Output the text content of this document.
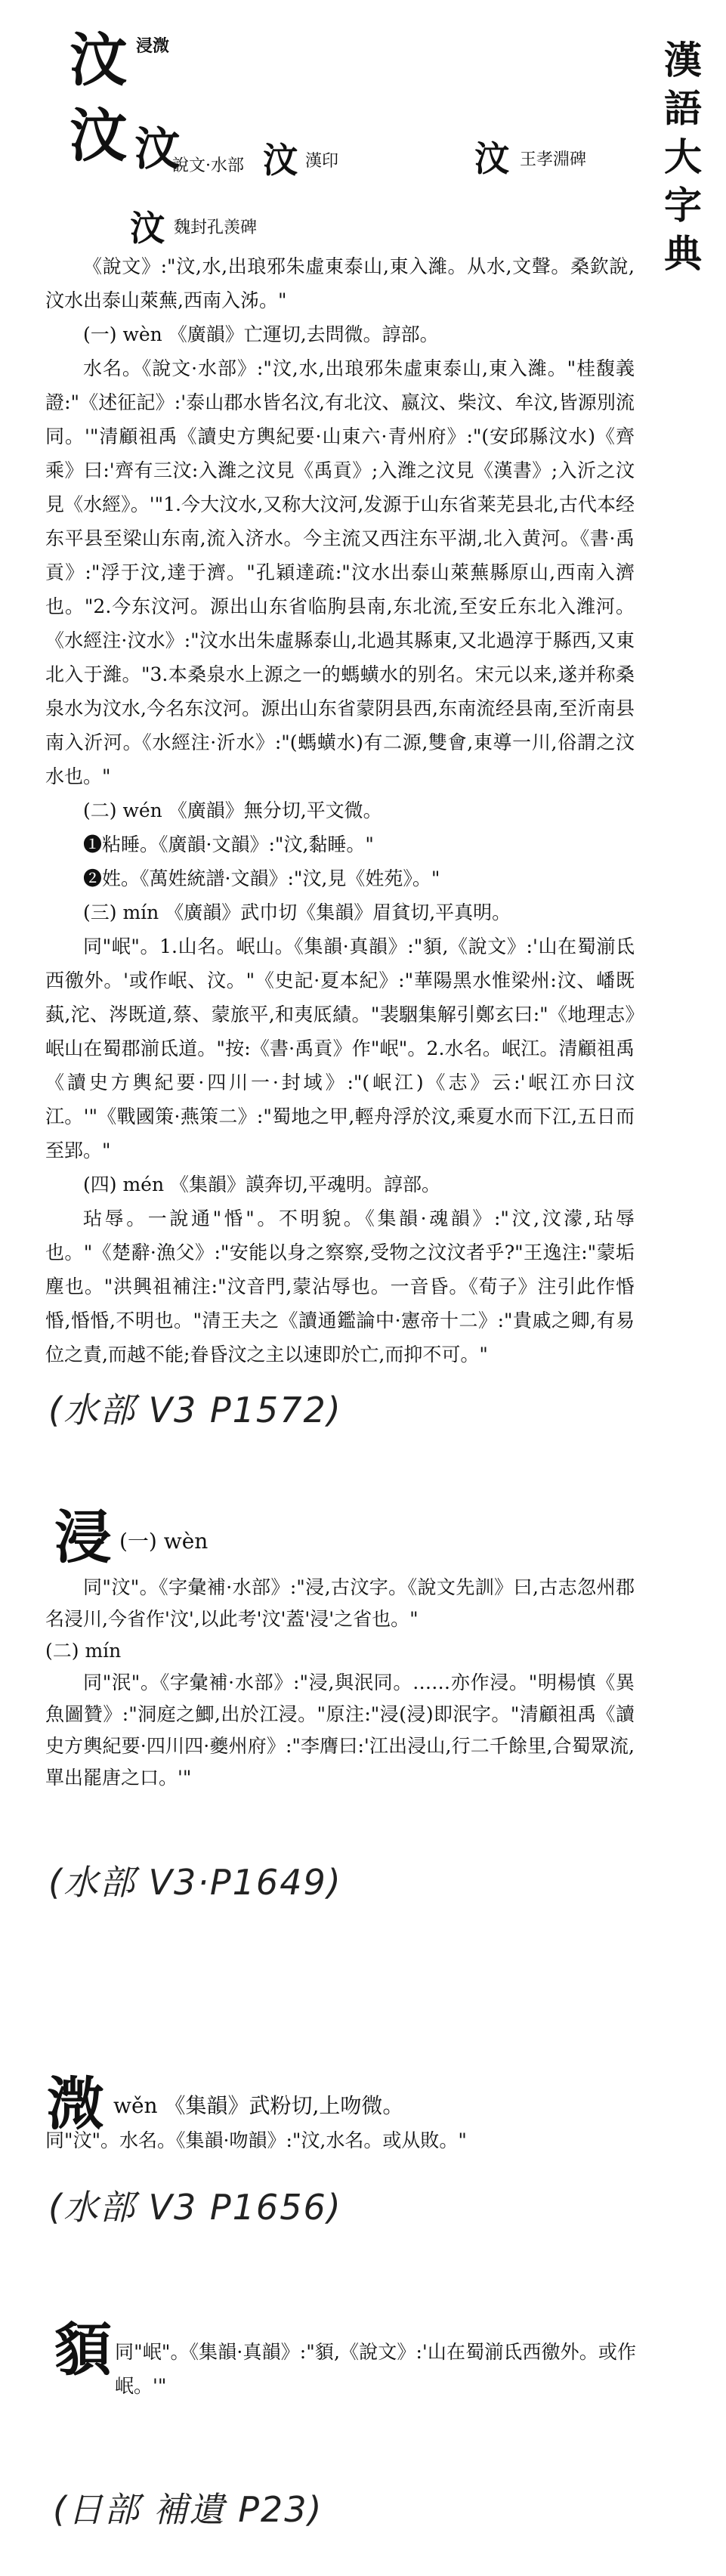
漢
語
大
字
典
汶 浸溦
汶 汶
說文·水部 汶 漢印	汶 王孝淵碑
汶 魏封孔羡碑

《說文》:"汶,水,出琅邪朱虛東泰山,東入濰。从水,文聲。桑欽說,汶水出泰山萊蕪,西南入泲。"

(一) wèn 《廣韻》亡運切,去問微。諄部。

水名。《說文·水部》:"汶,水,出琅邪朱虛東泰山,東入濰。"桂馥義證:"《述征記》:'泰山郡水皆名汶,有北汶、嬴汶、柴汶、牟汶,皆源別流同。'"清顧祖禹《讀史方輿紀要·山東六·青州府》:"(安邱縣汶水)《齊乘》曰:'齊有三汶:入濰之汶見《禹貢》;入潍之汶見《漢書》;入沂之汶見《水經》。'"1.今大汶水,又称大汶河,发源于山东省莱芜县北,古代本经东平县至梁山东南,流入济水。今主流又西注东平湖,北入黄河。《書·禹貢》:"浮于汶,達于濟。"孔穎達疏:"汶水出泰山萊蕪縣原山,西南入濟也。"2.今东汶河。源出山东省临朐县南,东北流,至安丘东北入潍河。《水經注·汶水》:"汶水出朱虛縣泰山,北過其縣東,又北過淳于縣西,又東北入于濰。"3.本桑泉水上源之一的螞蟥水的别名。宋元以来,遂并称桑泉水为汶水,今名东汶河。源出山东省蒙阴县西,东南流经县南,至沂南县南入沂河。《水經注·沂水》:"(螞蟥水)有二源,雙會,東導一川,俗謂之汶水也。"

(二) wén 《廣韻》無分切,平文微。

❶粘睡。《廣韻·文韻》:"汶,黏睡。"

❷姓。《萬姓統譜·文韻》:"汶,見《姓苑》。"

(三) mín 《廣韻》武巾切《集韻》眉貧切,平真明。

同"岷"。1.山名。岷山。《集韻·真韻》:"䫉,《說文》:'山在蜀湔氐西徼外。'或作岷、汶。"《史記·夏本紀》:"華陽黑水惟梁州:汶、嶓既蓺,沱、涔既道,蔡、蒙旅平,和夷厎績。"裴駰集解引鄭玄曰:"《地理志》岷山在蜀郡湔氐道。"按:《書·禹貢》作"岷"。2.水名。岷江。清顧祖禹《讀史方輿紀要·四川一·封域》:"(岷江)《志》云:'岷江亦曰汶江。'"《戰國策·燕策二》:"蜀地之甲,輕舟浮於汶,乘夏水而下江,五日而至郢。"

(四) mén 《集韻》謨奔切,平魂明。諄部。

玷辱。一說通"惛"。不明貌。《集韻·魂韻》:"汶,汶濛,玷辱也。"《楚辭·漁父》:"安能以身之察察,受物之汶汶者乎?"王逸注:"蒙垢塵也。"洪興祖補注:"汶音門,蒙沾辱也。一音昏。《荀子》注引此作惛惛,惛惛,不明也。"清王夫之《讀通鑑論中·憲帝十二》:"貴戚之卿,有易位之責,而越不能;眷昏汶之主以速即於亡,而抑不可。"

(水部 V3 P1572)
浸 (一) wèn

同"汶"。《字彙補·水部》:"浸,古汶字。《說文先訓》曰,古志忽州郡名浸川,今省作'汶',以此考'汶'蓋'浸'之省也。"

(二) mín

同"泯"。《字彙補·水部》:"浸,與泯同。……亦作浸。"明楊慎《異魚圖贊》:"洞庭之鯽,出於江浸。"原注:"浸(浸)即泯字。"清顧祖禹《讀史方輿紀要·四川四·夔州府》:"李膺曰:'江出浸山,行二千餘里,合蜀眾流,單出罷唐之口。'"

(水部 V3·P1649)
溦 wěn 《集韻》武粉切,上吻微。

同"汶"。水名。《集韻·吻韻》:"汶,水名。或从敗。"

(水部 V3 P1656)
䫉 同"岷"。《集韻·真韻》:"䫉,《說文》:'山在蜀湔氐西徼外。或作岷。'"

(日部 補遺 P23)
